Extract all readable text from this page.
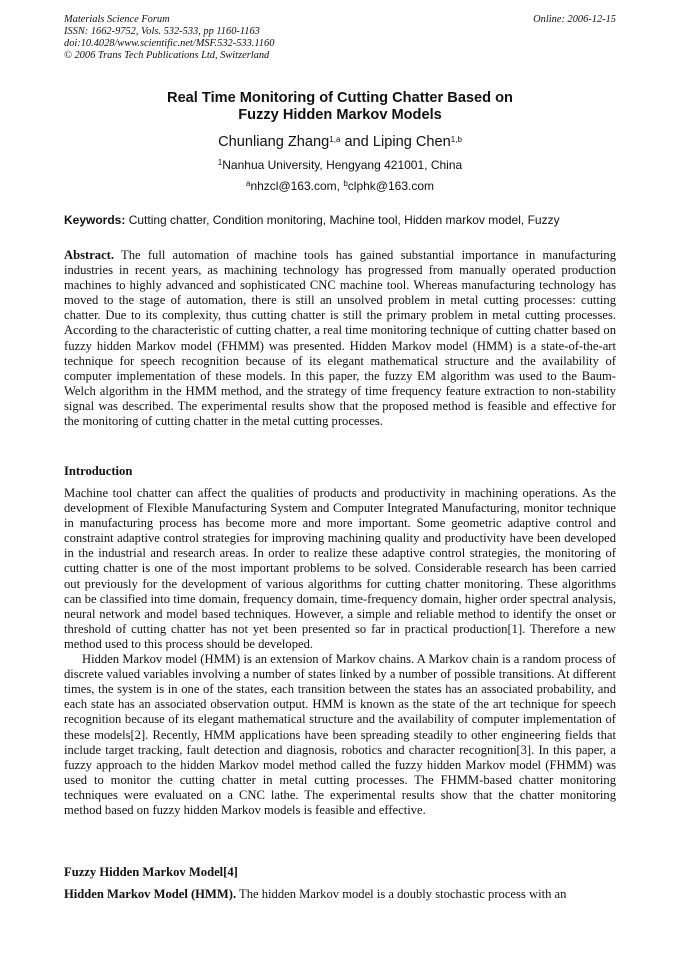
Materials Science Forum
ISSN: 1662-9752, Vols. 532-533, pp 1160-1163
doi:10.4028/www.scientific.net/MSF.532-533.1160
© 2006 Trans Tech Publications Ltd, Switzerland
Online: 2006-12-15
Real Time Monitoring of Cutting Chatter Based on
Fuzzy Hidden Markov Models
Chunliang Zhang$^{1,a}$ and Liping Chen$^{1,b}$
$^1$Nanhua University, Hengyang 421001, China
$^a$nhzcl@163.com, $^b$clphk@163.com
Keywords: Cutting chatter, Condition monitoring, Machine tool, Hidden markov model, Fuzzy
Abstract. The full automation of machine tools has gained substantial importance in manufacturing industries in recent years, as machining technology has progressed from manually operated production machines to highly advanced and sophisticated CNC machine tool. Whereas manufacturing technology has moved to the stage of automation, there is still an unsolved problem in metal cutting processes: cutting chatter. Due to its complexity, thus cutting chatter is still the primary problem in metal cutting processes. According to the characteristic of cutting chatter, a real time monitoring technique of cutting chatter based on fuzzy hidden Markov model (FHMM) was presented. Hidden Markov model (HMM) is a state-of-the-art technique for speech recognition because of its elegant mathematical structure and the availability of computer implementation of these models. In this paper, the fuzzy EM algorithm was used to the Baum-Welch algorithm in the HMM method, and the strategy of time frequency feature extraction to non-stability signal was described. The experimental results show that the proposed method is feasible and effective for the monitoring of cutting chatter in the metal cutting processes.
Introduction

Machine tool chatter can affect the qualities of products and productivity in machining operations. As the development of Flexible Manufacturing System and Computer Integrated Manufacturing, monitor technique in manufacturing process has become more and more important. Some geometric adaptive control and constraint adaptive control strategies for improving machining quality and productivity have been developed in the industrial and research areas. In order to realize these adaptive control strategies, the monitoring of cutting chatter is one of the most important problems to be solved. Considerable research has been carried out previously for the development of various algorithms for cutting chatter monitoring. These algorithms can be classified into time domain, frequency domain, time-frequency domain, higher order spectral analysis, neural network and model based techniques. However, a simple and reliable method to identify the onset or threshold of cutting chatter has not yet been presented so far in practical production[1]. Therefore a new method used to this process should be developed.

Hidden Markov model (HMM) is an extension of Markov chains. A Markov chain is a random process of discrete valued variables involving a number of states linked by a number of possible transitions. At different times, the system is in one of the states, each transition between the states has an associated probability, and each state has an associated observation output. HMM is known as the state of the art technique for speech recognition because of its elegant mathematical structure and the availability of computer implementation of these models[2]. Recently, HMM applications have been spreading steadily to other engineering fields that include target tracking, fault detection and diagnosis, robotics and character recognition[3]. In this paper, a fuzzy approach to the hidden Markov model method called the fuzzy hidden Markov model (FHMM) was used to monitor the cutting chatter in metal cutting processes. The FHMM-based chatter monitoring techniques were evaluated on a CNC lathe. The experimental results show that the chatter monitoring method based on fuzzy hidden Markov models is feasible and effective.

Fuzzy Hidden Markov Model[4]

Hidden Markov Model (HMM). The hidden Markov model is a doubly stochastic process with an
